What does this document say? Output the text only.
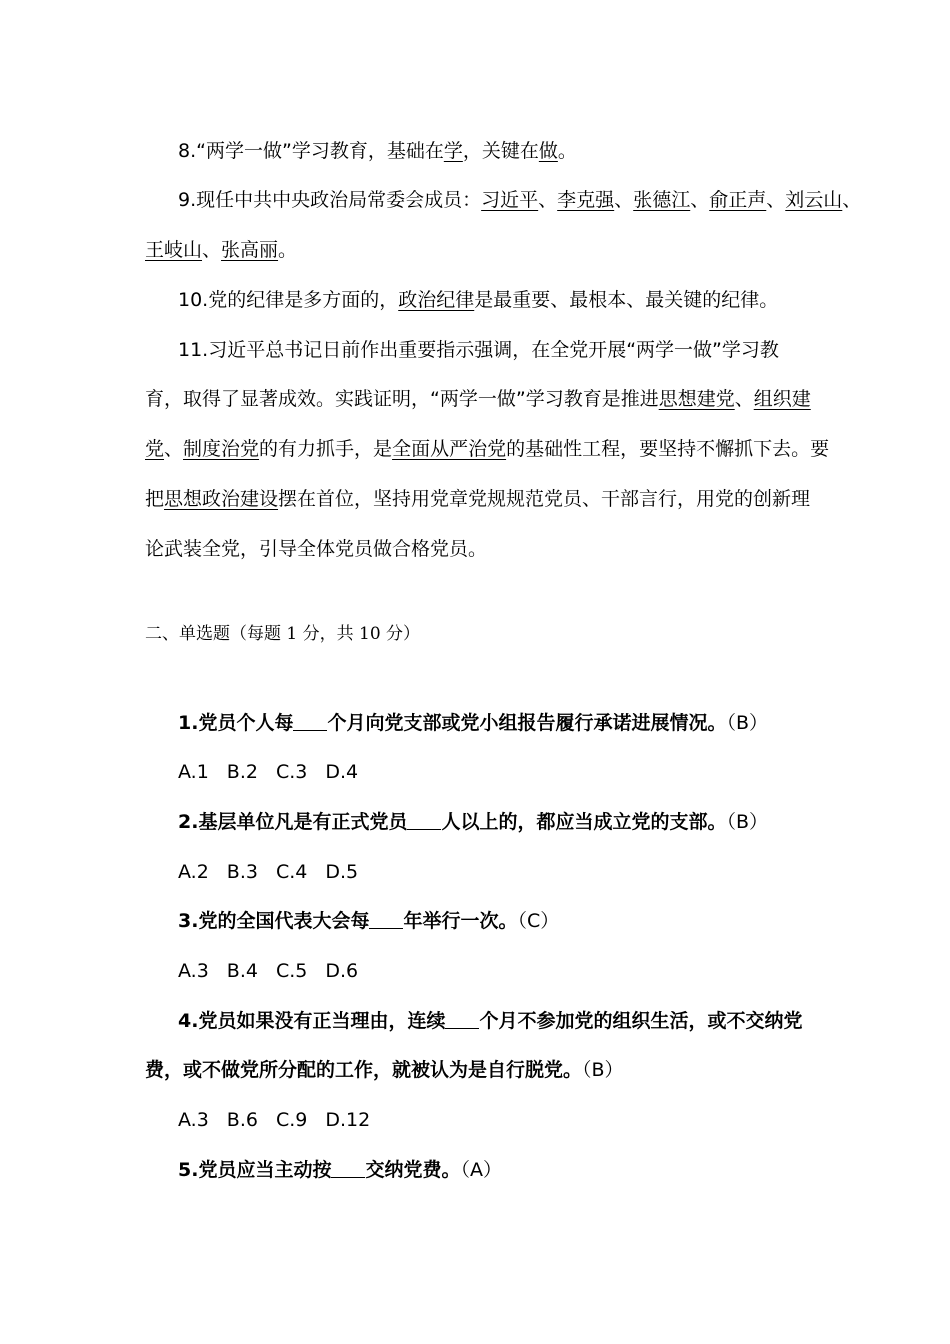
8.“两学一做”学习教育，基础在学，关键在做。
9.现任中共中央政治局常委会成员：习近平、李克强、张德江、俞正声、刘云山、
王岐山、张高丽。
10.党的纪律是多方面的，政治纪律是最重要、最根本、最关键的纪律。
11.习近平总书记日前作出重要指示强调，在全党开展“两学一做”学习教
育，取得了显著成效。实践证明，“两学一做”学习教育是推进思想建党、组织建
党、制度治党的有力抓手，是全面从严治党的基础性工程，要坚持不懈抓下去。要
把思想政治建设摆在首位，坚持用党章党规规范党员、干部言行，用党的创新理
论武装全党，引导全体党员做合格党员。
二、单选题（每题 1 分，共 10 分）
1.党员个人每 个月向党支部或党小组报告履行承诺进展情况。（B）
A.1 B.2 C.3 D.4
2.基层单位凡是有正式党员 人以上的，都应当成立党的支部。（B）
A.2 B.3 C.4 D.5
3.党的全国代表大会每 年举行一次。（C）
A.3 B.4 C.5 D.6
4.党员如果没有正当理由，连续 个月不参加党的组织生活，或不交纳党
费，或不做党所分配的工作，就被认为是自行脱党。（B）
A.3 B.6 C.9 D.12
5.党员应当主动按 交纳党费。（A）
